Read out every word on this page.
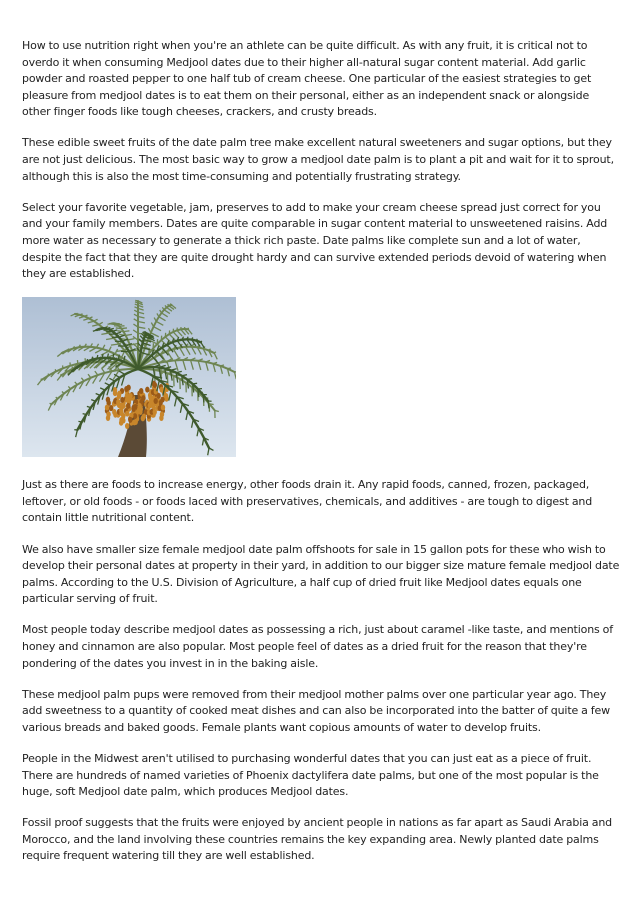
How to use nutrition right when you're an athlete can be quite difficult. As with any fruit, it is critical not to overdo it when consuming Medjool dates due to their higher all-natural sugar content material. Add garlic powder and roasted pepper to one half tub of cream cheese. One particular of the easiest strategies to get pleasure from medjool dates is to eat them on their personal, either as an independent snack or alongside other finger foods like tough cheeses, crackers, and crusty breads.

These edible sweet fruits of the date palm tree make excellent natural sweeteners and sugar options, but they are not just delicious. The most basic way to grow a medjool date palm is to plant a pit and wait for it to sprout, although this is also the most time-consuming and potentially frustrating strategy.

Select your favorite vegetable, jam, preserves to add to make your cream cheese spread just correct for you and your family members. Dates are quite comparable in sugar content material to unsweetened raisins. Add more water as necessary to generate a thick rich paste. Date palms like complete sun and a lot of water, despite the fact that they are quite drought hardy and can survive extended periods devoid of watering when they are established.

Just as there are foods to increase energy, other foods drain it. Any rapid foods, canned, frozen, packaged, leftover, or old foods - or foods laced with preservatives, chemicals, and additives - are tough to digest and contain little nutritional content.

We also have smaller size female medjool date palm offshoots for sale in 15 gallon pots for these who wish to develop their personal dates at property in their yard, in addition to our bigger size mature female medjool date palms. According to the U.S. Division of Agriculture, a half cup of dried fruit like Medjool dates equals one particular serving of fruit.

Most people today describe medjool dates as possessing a rich, just about caramel -like taste, and mentions of honey and cinnamon are also popular. Most people feel of dates as a dried fruit for the reason that they're pondering of the dates you invest in in the baking aisle.

These medjool palm pups were removed from their medjool mother palms over one particular year ago. They add sweetness to a quantity of cooked meat dishes and can also be incorporated into the batter of quite a few various breads and baked goods. Female plants want copious amounts of water to develop fruits.

People in the Midwest aren't utilised to purchasing wonderful dates that you can just eat as a piece of fruit. There are hundreds of named varieties of Phoenix dactylifera date palms, but one of the most popular is the huge, soft Medjool date palm, which produces Medjool dates.

Fossil proof suggests that the fruits were enjoyed by ancient people in nations as far apart as Saudi Arabia and Morocco, and the land involving these countries remains the key expanding area. Newly planted date palms require frequent watering till they are well established.
